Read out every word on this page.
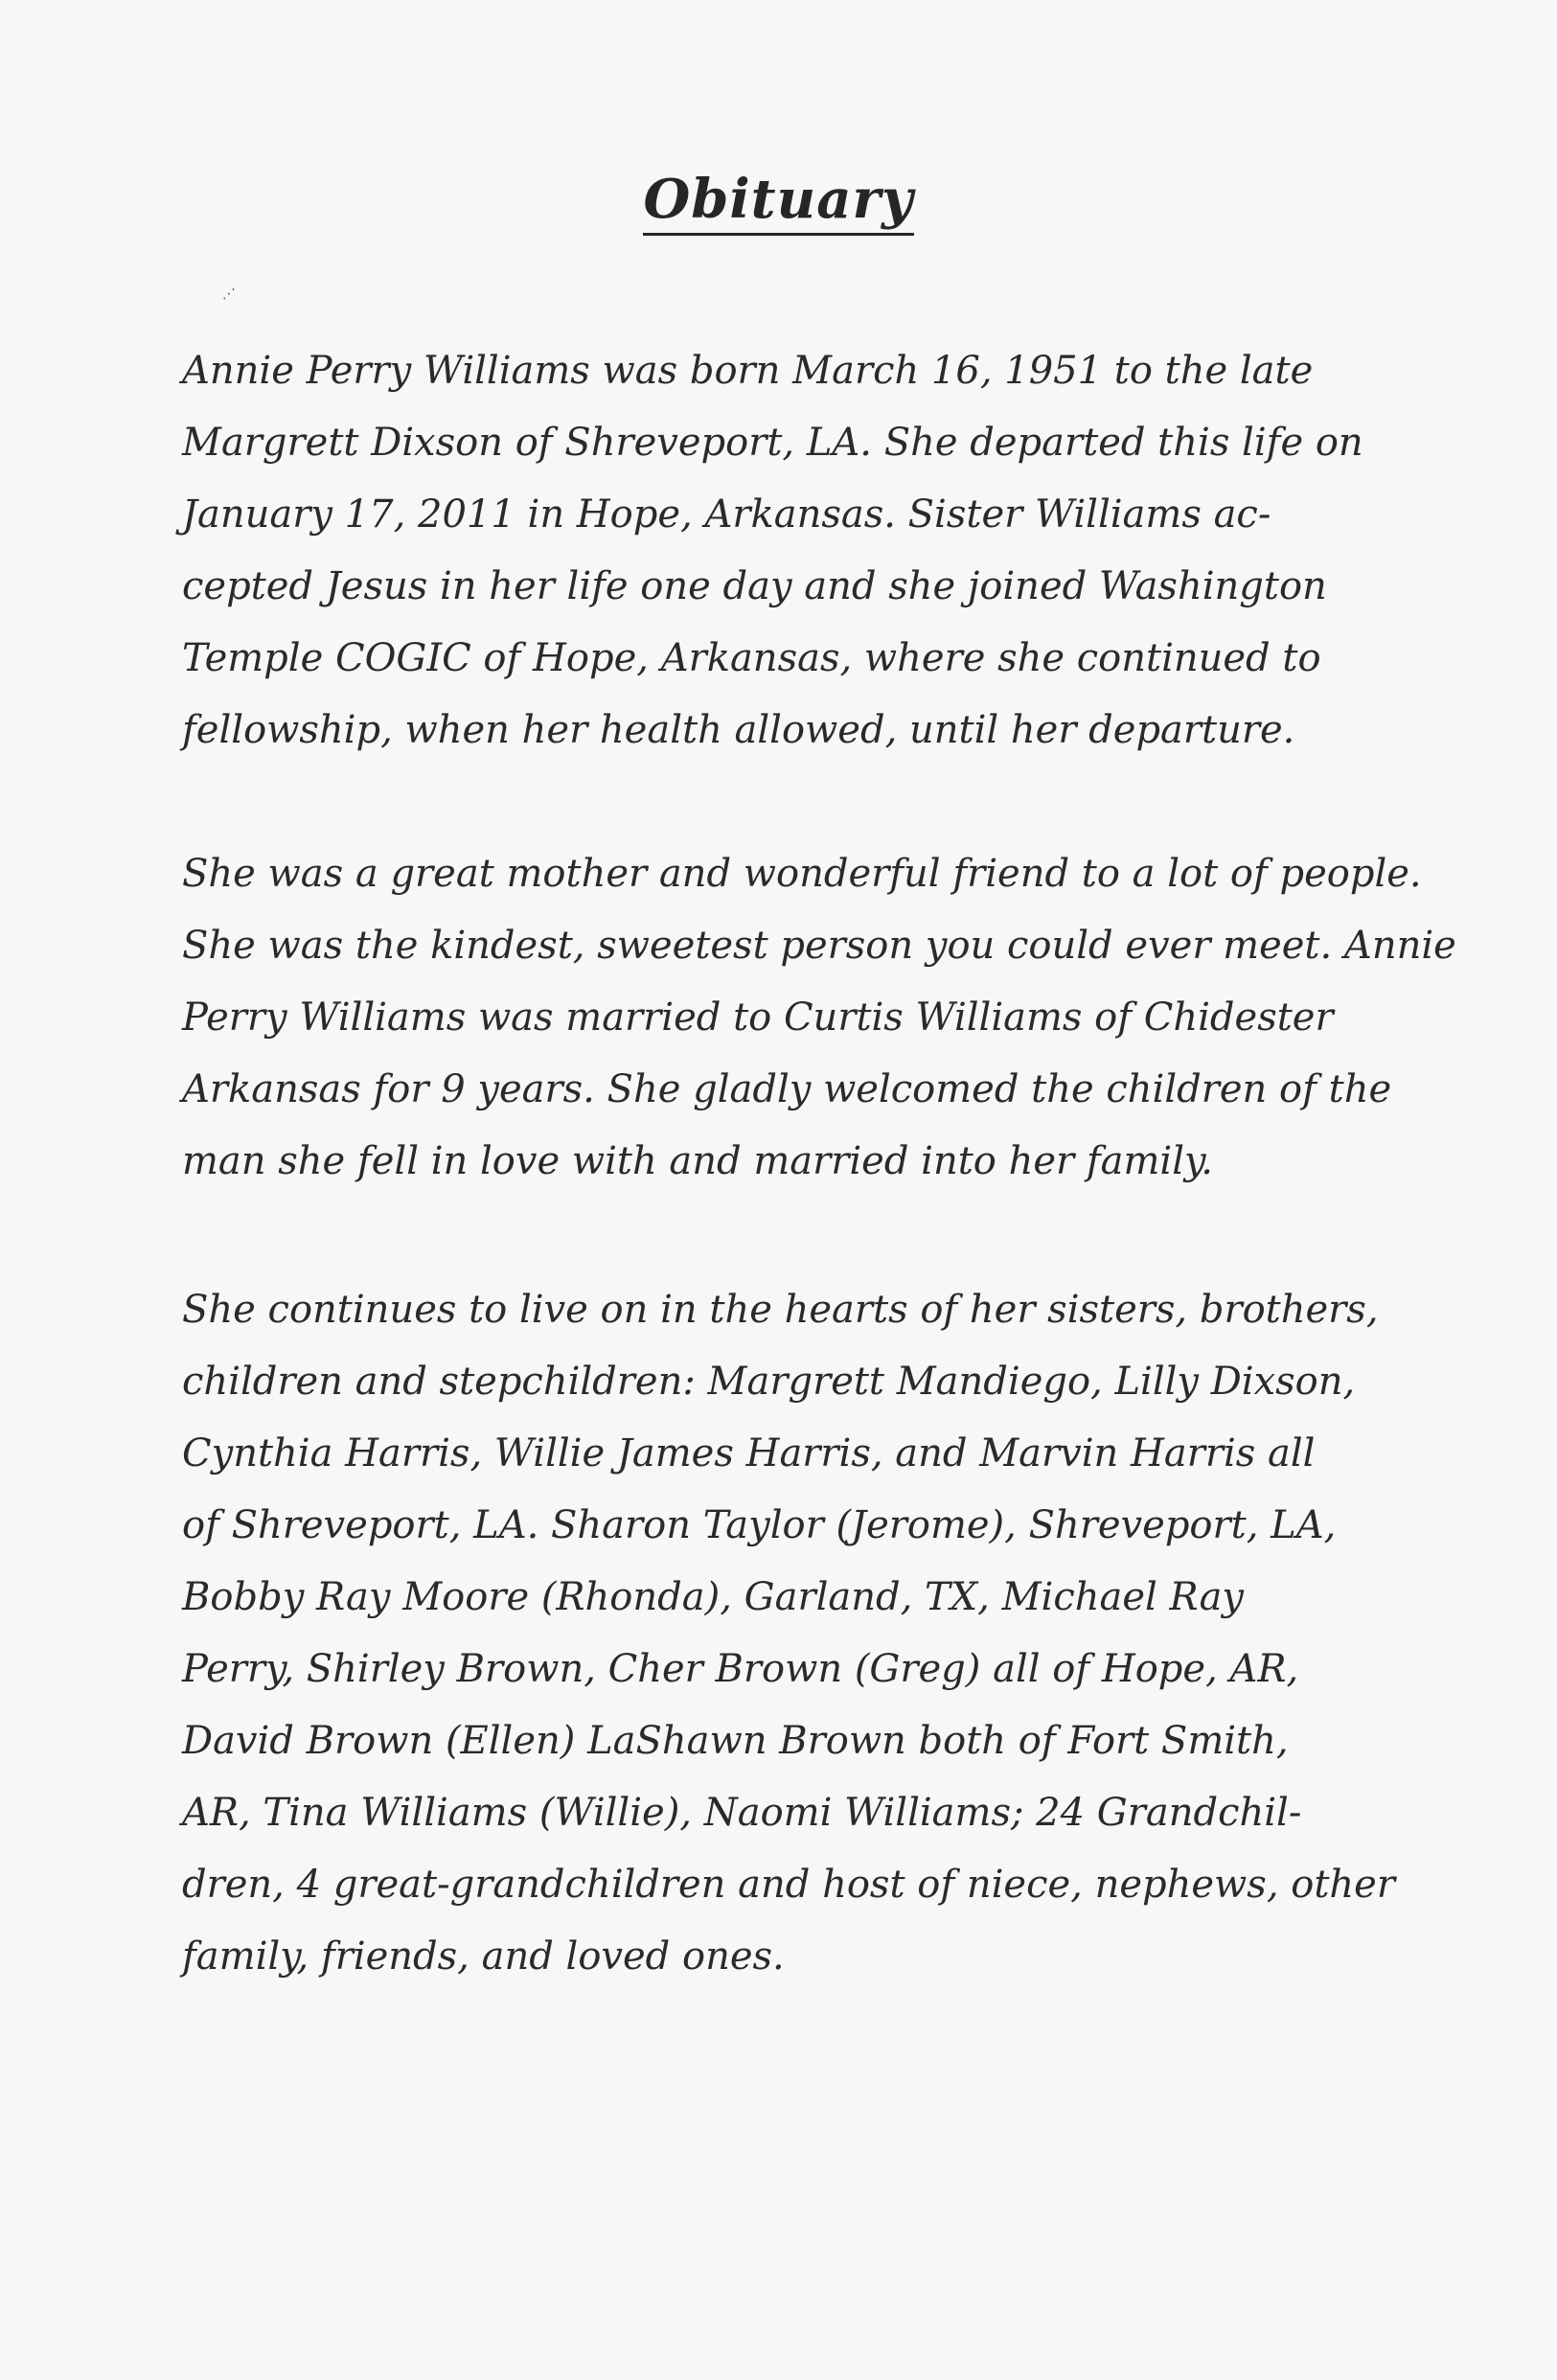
Obituary
⋰

Annie Perry Williams was born March 16, 1951 to the late
Margrett Dixson of Shreveport, LA. She departed this life on
January 17, 2011 in Hope, Arkansas. Sister Williams ac-
cepted Jesus in her life one day and she joined Washington
Temple COGIC of Hope, Arkansas, where she continued to
fellowship, when her health allowed, until her departure.

She was a great mother and wonderful friend to a lot of people.
She was the kindest, sweetest person you could ever meet. Annie
Perry Williams was married to Curtis Williams of Chidester
Arkansas for 9 years. She gladly welcomed the children of the
man she fell in love with and married into her family.

She continues to live on in the hearts of her sisters, brothers,
children and stepchildren: Margrett Mandiego, Lilly Dixson,
Cynthia Harris, Willie James Harris, and Marvin Harris all
of Shreveport, LA. Sharon Taylor (Jerome), Shreveport, LA,
Bobby Ray Moore (Rhonda), Garland, TX, Michael Ray
Perry, Shirley Brown, Cher Brown (Greg) all of Hope, AR,
David Brown (Ellen) LaShawn Brown both of Fort Smith,
AR, Tina Williams (Willie), Naomi Williams; 24 Grandchil-
dren, 4 great-grandchildren and host of niece, nephews, other
family, friends, and loved ones.
